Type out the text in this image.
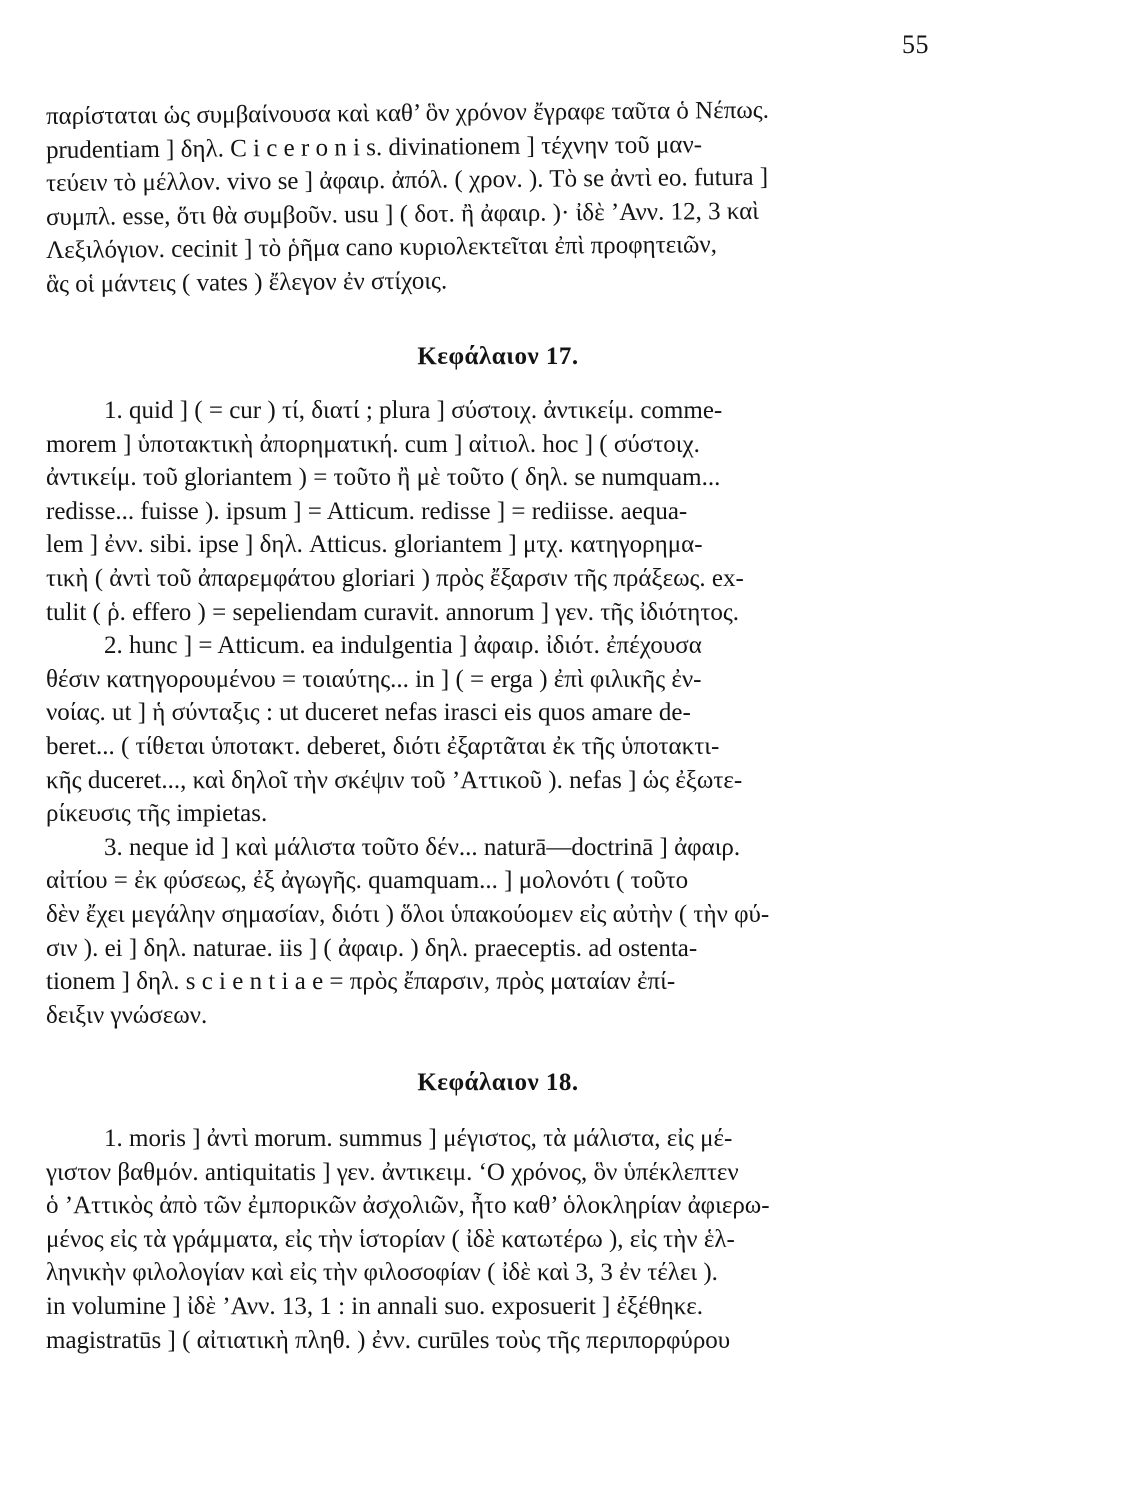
55
παρίσταται ὡς συμβαίνουσα καὶ καθ’ ὃν χρόνον ἔγραφε ταῦτα ὁ Νέπως.
prudentiam ] δηλ. C i c e r o n i s. divinationem ] τέχνην τοῦ μαν-
τεύειν τὸ μέλλον. vivo se ] ἀφαιρ. ἀπόλ. ( χρον. ). Τὸ se ἀντὶ eo. futura ]
συμπλ. esse, ὅτι θὰ συμβοῦν. usu ] ( δοτ. ἢ ἀφαιρ. )· ἰδὲ ’Ανν. 12, 3 καὶ
Λεξιλόγιον. cecinit ] τὸ ῥῆμα cano κυριολεκτεῖται ἐπὶ προφητειῶν,
ἃς οἱ μάντεις ( vates ) ἔλεγον ἐν στίχοις.
Κεφάλαιον 17.
1. quid ] ( = cur ) τί, διατί ; plura ] σύστοιχ. ἀντικείμ. comme-
morem ] ὑποτακτικὴ ἀπορηματική. cum ] αἰτιολ. hoc ] ( σύστοιχ.
ἀντικείμ. τοῦ gloriantem ) = τοῦτο ἢ μὲ τοῦτο ( δηλ. se numquam...
redisse... fuisse ). ipsum ] = Atticum. redisse ] = rediisse. aequa-
lem ] ἐνν. sibi. ipse ] δηλ. Atticus. gloriantem ] μτχ. κατηγορημα-
τικὴ ( ἀντὶ τοῦ ἀπαρεμφάτου gloriari ) πρὸς ἔξαρσιν τῆς πράξεως. ex-
tulit ( ῥ. effero ) = sepeliendam curavit. annorum ] γεν. τῆς ἰδιότητος.
2. hunc ] = Atticum. ea indulgentia ] ἀφαιρ. ἰδιότ. ἐπέχουσα
θέσιν κατηγορουμένου = τοιαύτης... in ] ( = erga ) ἐπὶ φιλικῆς ἐν-
νοίας. ut ] ἡ σύνταξις : ut duceret nefas irasci eis quos amare de-
beret... ( τίθεται ὑποτακτ. deberet, διότι ἐξαρτᾶται ἐκ τῆς ὑποτακτι-
κῆς duceret..., καὶ δηλοῖ τὴν σκέψιν τοῦ ’Αττικοῦ ). nefas ] ὡς ἐξωτε-
ρίκευσις τῆς impietas.
3. neque id ] καὶ μάλιστα τοῦτο δέν... naturā—doctrinā ] ἀφαιρ.
αἰτίου = ἐκ φύσεως, ἐξ ἀγωγῆς. quamquam... ] μολονότι ( τοῦτο
δὲν ἔχει μεγάλην σημασίαν, διότι ) ὅλοι ὑπακούομεν εἰς αὐτὴν ( τὴν φύ-
σιν ). ei ] δηλ. naturae. iis ] ( ἀφαιρ. ) δηλ. praeceptis. ad ostenta-
tionem ] δηλ. s c i e n t i a e = πρὸς ἔπαρσιν, πρὸς ματαίαν ἐπί-
δειξιν γνώσεων.
Κεφάλαιον 18.
1. moris ] ἀντὶ morum. summus ] μέγιστος, τὰ μάλιστα, εἰς μέ-
γιστον βαθμόν. antiquitatis ] γεν. ἀντικειμ. ‘Ο χρόνος, ὃν ὑπέκλεπτεν
ὁ ’Αττικὸς ἀπὸ τῶν ἐμπορικῶν ἀσχολιῶν, ἦτο καθ’ ὁλοκληρίαν ἀφιερω-
μένος εἰς τὰ γράμματα, εἰς τὴν ἱστορίαν ( ἰδὲ κατωτέρω ), εἰς τὴν ἑλ-
ληνικὴν φιλολογίαν καὶ εἰς τὴν φιλοσοφίαν ( ἰδὲ καὶ 3, 3 ἐν τέλει ).
in volumine ] ἰδὲ ’Ανν. 13, 1 : in annali suo. exposuerit ] ἐξέθηκε.
magistratūs ] ( αἰτιατικὴ πληθ. ) ἐνν. curūles τοὺς τῆς περιπορφύρου
